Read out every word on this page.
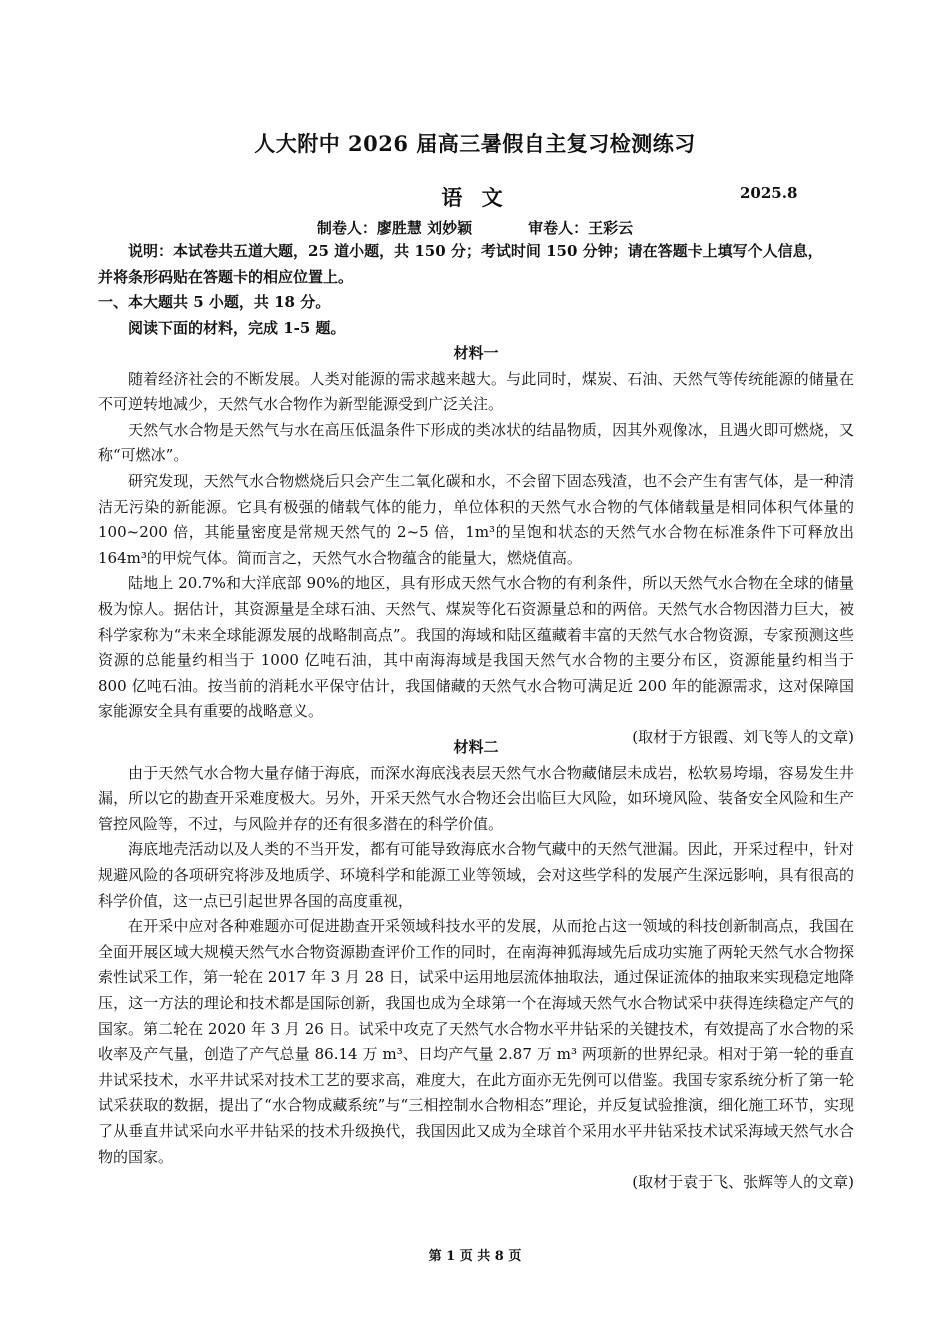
人大附中 2026 届高三暑假自主复习检测练习
语 文	2025.8
制卷人：廖胜慧 刘妙颖	审卷人：王彩云

说明：本试卷共五道大题，25 道小题，共 150 分；考试时间 150 分钟；请在答题卡上填写个人信息，

并将条形码贴在答题卡的相应位置上。

一、本大题共 5 小题，共 18 分。

阅读下面的材料，完成 1-5 题。

材料一

随着经济社会的不断发展。人类对能源的需求越来越大。与此同时，煤炭、石油、天然气等传统能源的储量在不可逆转地减少，天然气水合物作为新型能源受到广泛关注。

天然气水合物是天然气与水在高压低温条件下形成的类冰状的结晶物质，因其外观像冰，且遇火即可燃烧，又称“可燃冰”。

研究发现，天然气水合物燃烧后只会产生二氧化碳和水，不会留下固态残渣，也不会产生有害气体，是一种清洁无污染的新能源。它具有极强的储载气体的能力，单位体积的天然气水合物的气体储载量是相同体积气体量的 100~200 倍，其能量密度是常规天然气的 2~5 倍，1m³的呈饱和状态的天然气水合物在标准条件下可释放出 164m³的甲烷气体。简而言之，天然气水合物蕴含的能量大，燃烧值高。

陆地上 20.7%和大洋底部 90%的地区，具有形成天然气水合物的有利条件，所以天然气水合物在全球的储量极为惊人。据估计，其资源量是全球石油、天然气、煤炭等化石资源量总和的两倍。天然气水合物因潜力巨大，被科学家称为“未来全球能源发展的战略制高点”。我国的海域和陆区蕴藏着丰富的天然气水合物资源，专家预测这些资源的总能量约相当于 1000 亿吨石油，其中南海海域是我国天然气水合物的主要分布区，资源能量约相当于 800 亿吨石油。按当前的消耗水平保守估计，我国储藏的天然气水合物可满足近 200 年的能源需求，这对保障国家能源安全具有重要的战略意义。

(取材于方银霞、刘飞等人的文章)

材料二

由于天然气水合物大量存储于海底，而深水海底浅表层天然气水合物藏储层未成岩，松软易垮塌，容易发生井漏，所以它的勘查开采难度极大。另外，开采天然气水合物还会岀临巨大风险，如环境风险、装备安全风险和生产管控风险等，不过，与风险并存的还有很多潜在的科学价值。

海底地壳活动以及人类的不当开发，都有可能导致海底水合物气藏中的天然气泄漏。因此，开采过程中，针对规避风险的各项研究将涉及地质学、环境科学和能源工业等领域，会对这些学科的发展产生深远影响，具有很高的科学价值，这一点已引起世界各国的高度重视，

在开采中应对各种难题亦可促进勘查开采领域科技水平的发展，从而抢占这一领域的科技创新制高点，我国在全面开展区域大规模天然气水合物资源勘查评价工作的同时，在南海神狐海域先后成功实施了两轮天然气水合物探索性试采工作，第一轮在 2017 年 3 月 28 日，试采中运用地层流体抽取法，通过保证流体的抽取来实现稳定地降压，这一方法的理论和技术都是国际创新，我国也成为全球第一个在海域天然气水合物试采中获得连续稳定产气的国家。第二轮在 2020 年 3 月 26 日。试采中攻克了天然气水合物水平井钻采的关键技术，有效提高了水合物的采收率及产气量，创造了产气总量 86.14 万 m³、日均产气量 2.87 万 m³ 两项新的世界纪录。相对于第一轮的垂直井试采技术，水平井试采对技术工艺的要求高，难度大，在此方面亦无先例可以借鉴。我国专家系统分析了第一轮试采获取的数据，提出了“水合物成藏系统”与“三相控制水合物相态”理论，并反复试验推演，细化施工环节，实现了从垂直井试采向水平井钻采的技术升级换代，我国因此又成为全球首个采用水平井钻采技术试采海域天然气水合物的国家。

(取材于袁于飞、张辉等人的文章)

第 1 页 共 8 页
